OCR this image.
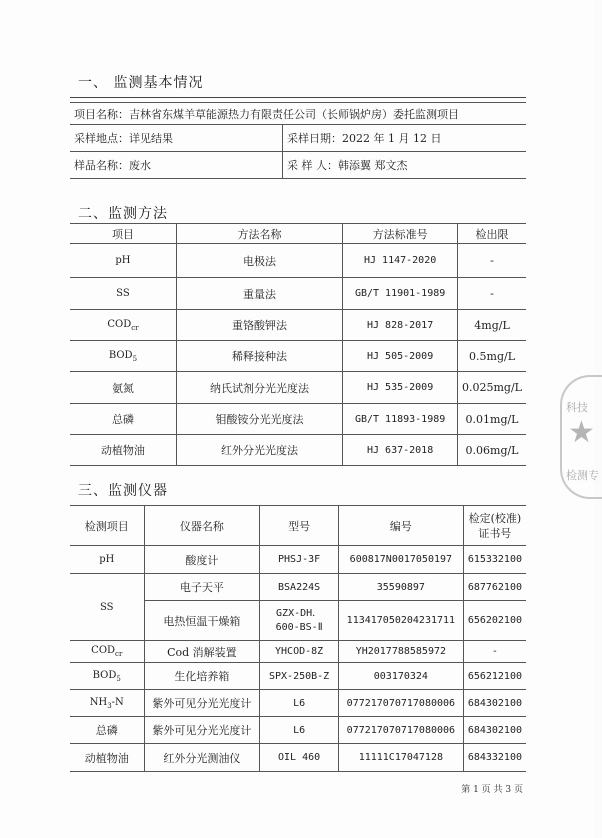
一、 监测基本情况
项目名称：吉林省东煤羊草能源热力有限责任公司（长师锅炉房）委托监测项目	
采样地点：详见结果	采样日期：2022 年 1 月 12 日
样品名称：废水	采 样 人：韩添翼 郑文杰
二、监测方法
项目	方法名称	方法标准号	检出限
pH	电极法	HJ 1147-2020	-
SS	重量法	GB/T 11901-1989	-
$COD_{cr}$	重铬酸钾法	HJ 828-2017	4mg/L
$BOD_5$	稀释接种法	HJ 505-2009	0.5mg/L
氨氮	纳氏试剂分光光度法	HJ 535-2009	0.025mg/L
总磷	钼酸铵分光光度法	GB/T 11893-1989	0.01mg/L
动植物油	红外分光光度法	HJ 637-2018	0.06mg/L
三、监测仪器
检测项目	仪器名称	型号	编号	检定(校准)
证书号
pH	酸度计	PHSJ-3F	600817N0017050197	615332100
SS	电子天平	BSA224S	35590897	687762100
	电热恒温干燥箱	GZX-DH．
600-BS-Ⅱ	113417050204231711	656202100
$COD_{cr}$	Cod 消解装置	YHCOD-8Z	YH2017788585972	-
$BOD_5$	生化培养箱	SPX-250B-Z	003170324	656212100
$NH_3-N$	紫外可见分光光度计	L6	077217070717080006	684302100
总磷	紫外可见分光光度计	L6	077217070717080006	684302100
动植物油	红外分光测油仪	OIL 460	11111C17047128	684332100
第 1 页 共 3 页
科技
★
检测专
